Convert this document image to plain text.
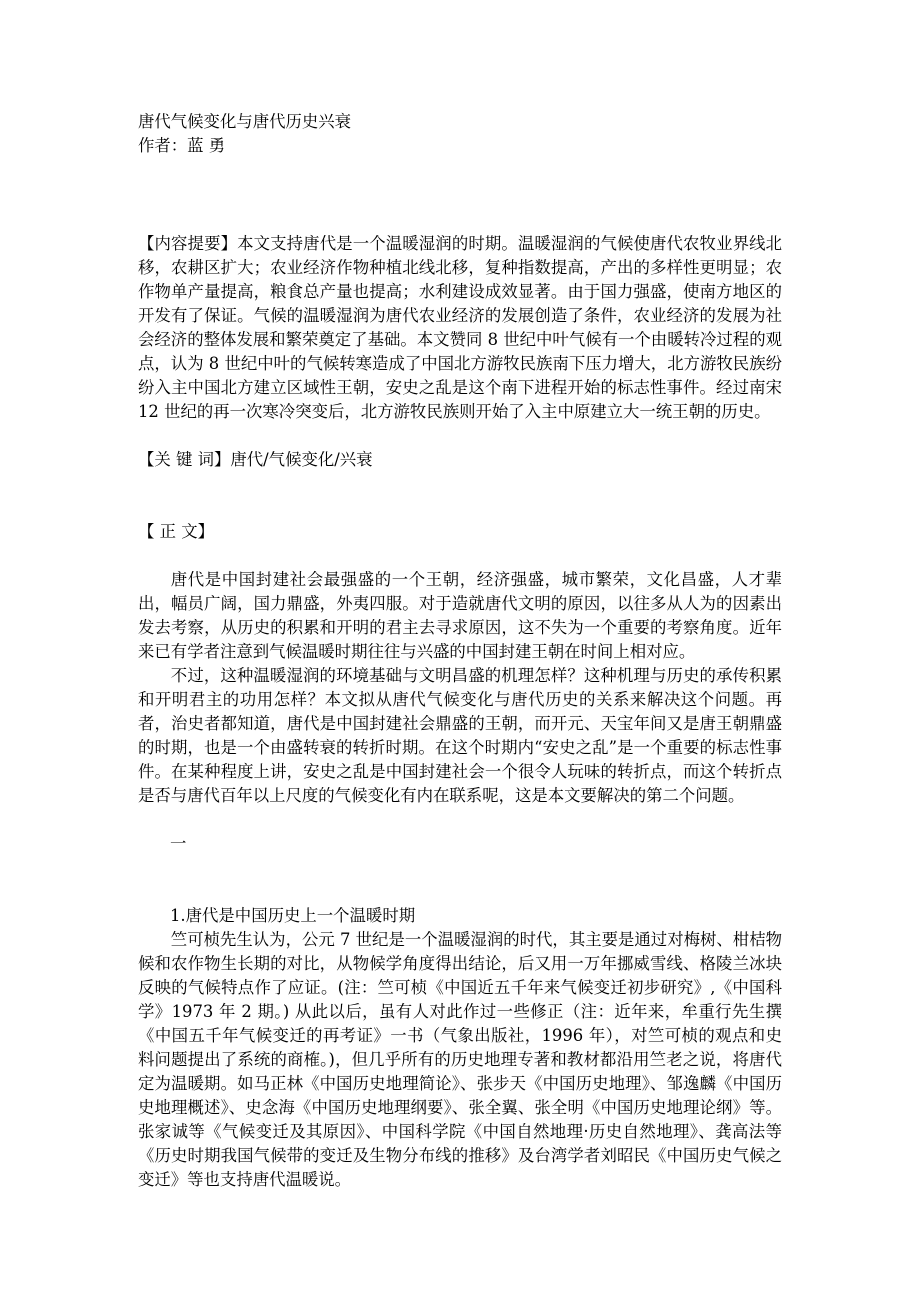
唐代气候变化与唐代历史兴衰

作者：蓝 勇

【内容提要】本文支持唐代是一个温暖湿润的时期。温暖湿润的气候使唐代农牧业界线北移，农耕区扩大；农业经济作物种植北线北移，复种指数提高，产出的多样性更明显；农作物单产量提高，粮食总产量也提高；水利建设成效显著。由于国力强盛，使南方地区的开发有了保证。气候的温暖湿润为唐代农业经济的发展创造了条件，农业经济的发展为社会经济的整体发展和繁荣奠定了基础。本文赞同 8 世纪中叶气候有一个由暖转冷过程的观点，认为 8 世纪中叶的气候转寒造成了中国北方游牧民族南下压力增大，北方游牧民族纷纷入主中国北方建立区域性王朝，安史之乱是这个南下进程开始的标志性事件。经过南宋 12 世纪的再一次寒冷突变后，北方游牧民族则开始了入主中原建立大一统王朝的历史。

【关 键 词】唐代/气候变化/兴衰

【 正 文】

唐代是中国封建社会最强盛的一个王朝，经济强盛，城市繁荣，文化昌盛，人才辈出，幅员广阔，国力鼎盛，外夷四服。对于造就唐代文明的原因，以往多从人为的因素出发去考察，从历史的积累和开明的君主去寻求原因，这不失为一个重要的考察角度。近年来已有学者注意到气候温暖时期往往与兴盛的中国封建王朝在时间上相对应。

不过，这种温暖湿润的环境基础与文明昌盛的机理怎样？这种机理与历史的承传积累和开明君主的功用怎样？本文拟从唐代气候变化与唐代历史的关系来解决这个问题。再者，治史者都知道，唐代是中国封建社会鼎盛的王朝，而开元、天宝年间又是唐王朝鼎盛的时期，也是一个由盛转衰的转折时期。在这个时期内“安史之乱”是一个重要的标志性事件。在某种程度上讲，安史之乱是中国封建社会一个很令人玩味的转折点，而这个转折点是否与唐代百年以上尺度的气候变化有内在联系呢，这是本文要解决的第二个问题。

一

1.唐代是中国历史上一个温暖时期

竺可桢先生认为，公元 7 世纪是一个温暖湿润的时代，其主要是通过对梅树、柑桔物候和农作物生长期的对比，从物候学角度得出结论，后又用一万年挪威雪线、格陵兰冰块反映的气候特点作了应证。(注：竺可桢《中国近五千年来气候变迁初步研究》,《中国科学》1973 年 2 期。) 从此以后，虽有人对此作过一些修正（注：近年来，牟重行先生撰《中国五千年气候变迁的再考证》一书（气象出版社，1996 年），对竺可桢的观点和史料问题提出了系统的商榷。)，但几乎所有的历史地理专著和教材都沿用竺老之说，将唐代定为温暖期。如马正林《中国历史地理简论》、张步天《中国历史地理》、邹逸麟《中国历史地理概述》、史念海《中国历史地理纲要》、张全翼、张全明《中国历史地理论纲》等。张家诚等《气候变迁及其原因》、中国科学院《中国自然地理·历史自然地理》、龚高法等《历史时期我国气候带的变迁及生物分布线的推移》及台湾学者刘昭民《中国历史气候之变迁》等也支持唐代温暖说。
